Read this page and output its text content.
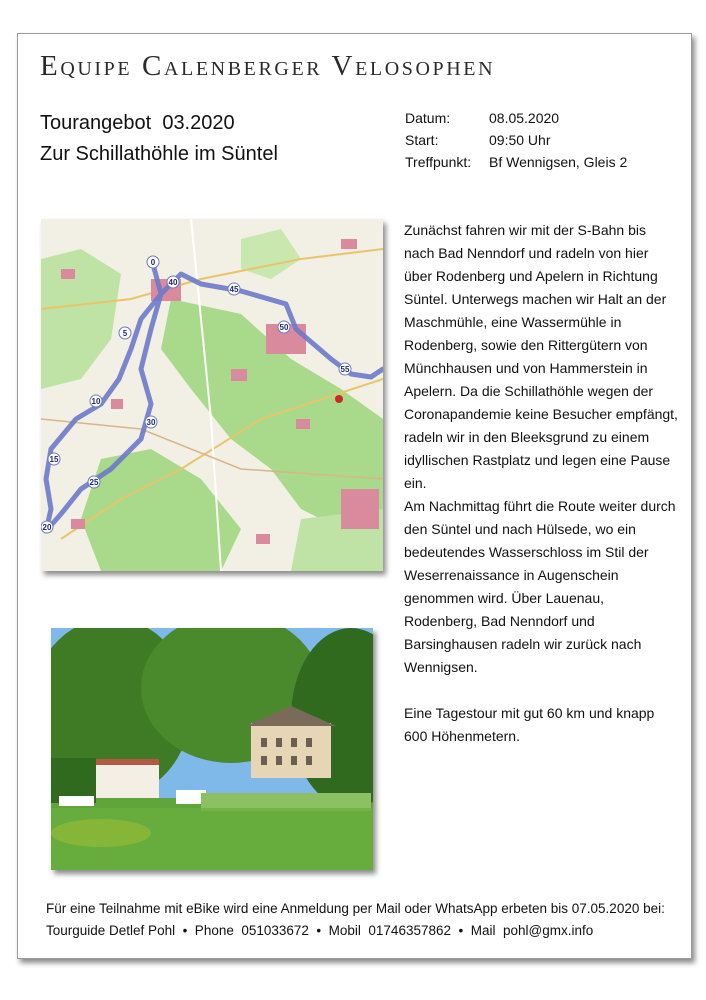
Equipe Calenberger Velosophen
Tourangebot  03.2020
Zur Schillathöhle im Süntel
Datum:	08.05.2020
Start:	09:50 Uhr
Treffpunkt:	Bf Wennigsen, Gleis 2
0
5
10
15
20
25
30
40
45
50
55

Zunächst fahren wir mit der S-Bahn bis nach Bad Nenndorf und radeln von hier über Rodenberg und Apelern in Richtung Süntel. Unterwegs machen wir Halt an der Maschmühle, eine Wassermühle in Rodenberg, sowie den Rittergütern von Münchhausen und von Hammerstein in Apelern. Da die Schillathöhle wegen der Coronapandemie keine Besucher empfängt, radeln wir in den Bleeksgrund zu einem idyllischen Rastplatz und legen eine Pause ein.

Am Nachmittag führt die Route weiter durch den Süntel und nach Hülsede, wo ein bedeutendes Wasserschloss im Stil der Weserrenaissance in Augenschein genommen wird. Über Lauenau, Rodenberg, Bad Nenndorf und Barsinghausen radeln wir zurück nach Wennigsen.

Eine Tagestour mit gut 60 km und knapp 600 Höhenmetern.

Für eine Teilnahme mit eBike wird eine Anmeldung per Mail oder WhatsApp erbeten bis 07.05.2020 bei:
Tourguide Detlef Pohl  •  Phone  051033672  •  Mobil  01746357862  •  Mail  pohl@gmx.info
